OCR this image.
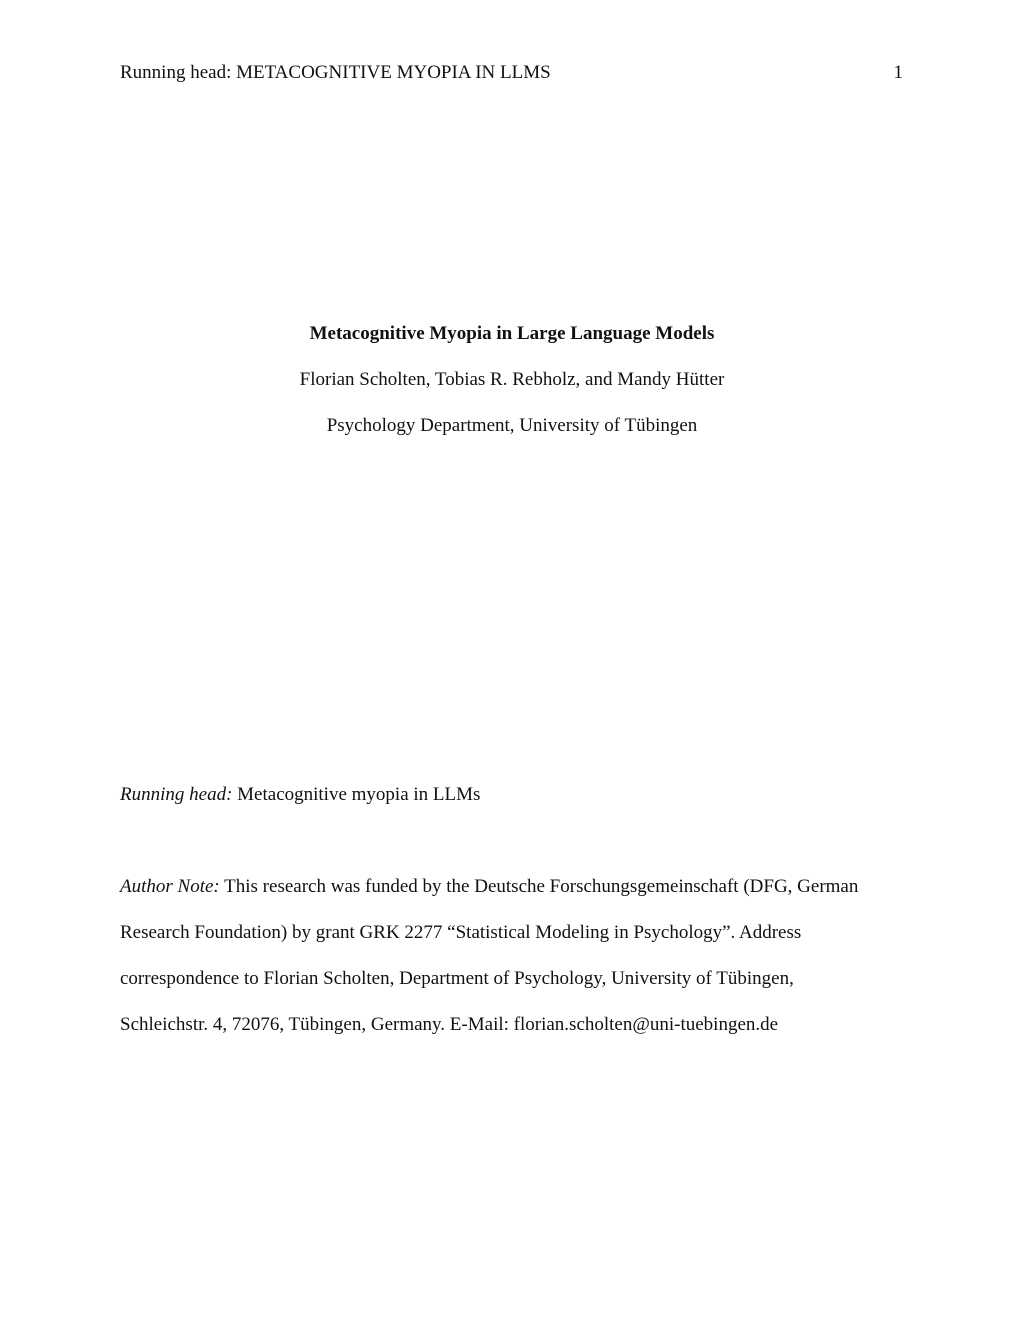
Running head: METACOGNITIVE MYOPIA IN LLMS	1
Metacognitive Myopia in Large Language Models
Florian Scholten, Tobias R. Rebholz, and Mandy Hütter
Psychology Department, University of Tübingen
Running head: Metacognitive myopia in LLMs
Author Note: This research was funded by the Deutsche Forschungsgemeinschaft (DFG, German
Research Foundation) by grant GRK 2277 “Statistical Modeling in Psychology”. Address
correspondence to Florian Scholten, Department of Psychology, University of Tübingen,
Schleichstr. 4, 72076, Tübingen, Germany. E-Mail: florian.scholten@uni-tuebingen.de
